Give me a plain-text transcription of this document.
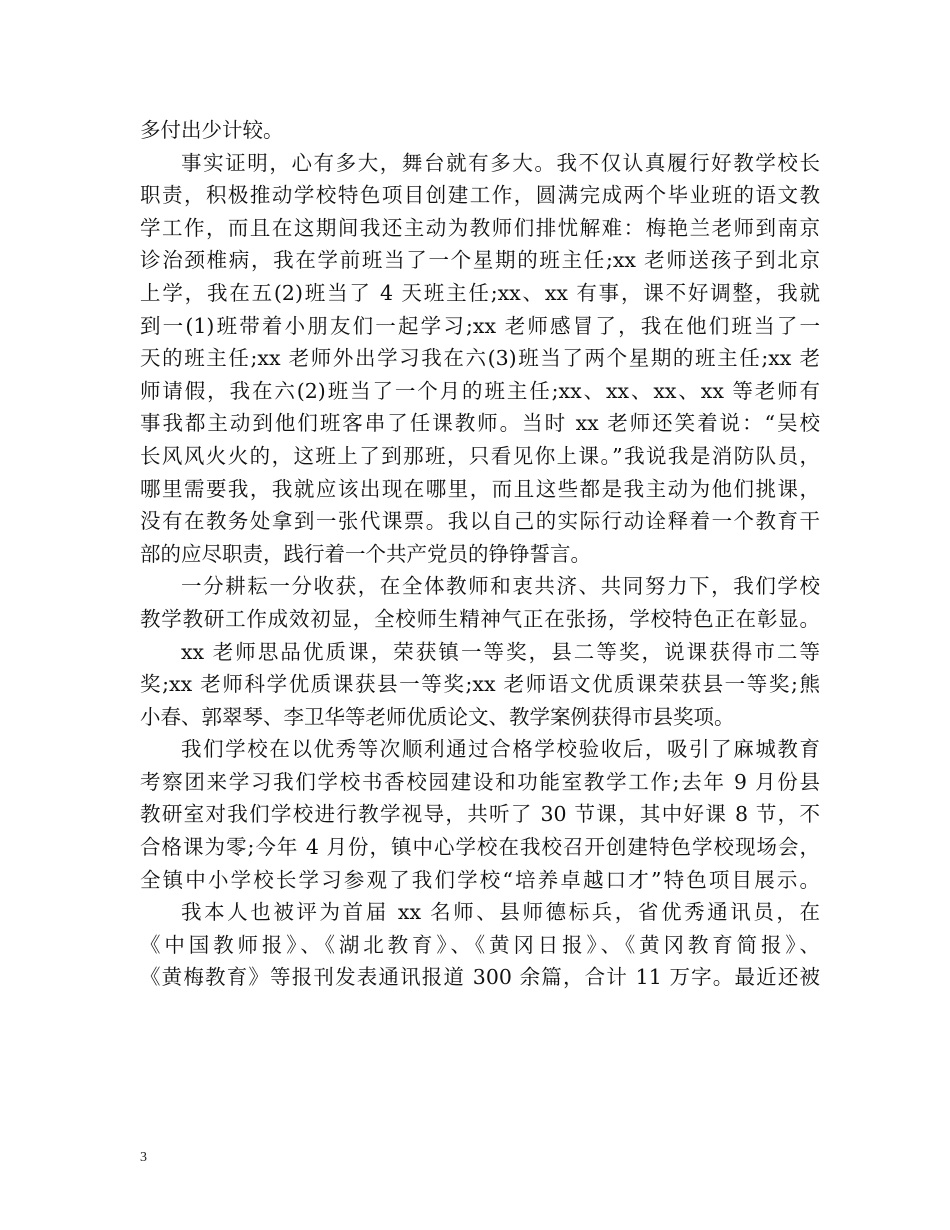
多付出少计较。
事实证明，心有多大，舞台就有多大。我不仅认真履行好教学校长
职责，积极推动学校特色项目创建工作，圆满完成两个毕业班的语文教
学工作，而且在这期间我还主动为教师们排忧解难：梅艳兰老师到南京
诊治颈椎病，我在学前班当了一个星期的班主任;xx 老师送孩子到北京
上学，我在五(2)班当了 4 天班主任;xx、xx 有事，课不好调整，我就
到一(1)班带着小朋友们一起学习;xx 老师感冒了，我在他们班当了一
天的班主任;xx 老师外出学习我在六(3)班当了两个星期的班主任;xx 老
师请假，我在六(2)班当了一个月的班主任;xx、xx、xx、xx 等老师有
事我都主动到他们班客串了任课教师。当时 xx 老师还笑着说：“吴校
长风风火火的，这班上了到那班，只看见你上课。”我说我是消防队员，
哪里需要我，我就应该出现在哪里，而且这些都是我主动为他们挑课，
没有在教务处拿到一张代课票。我以自己的实际行动诠释着一个教育干
部的应尽职责，践行着一个共产党员的铮铮誓言。
一分耕耘一分收获，在全体教师和衷共济、共同努力下，我们学校
教学教研工作成效初显，全校师生精神气正在张扬，学校特色正在彰显。
xx 老师思品优质课，荣获镇一等奖，县二等奖，说课获得市二等
奖;xx 老师科学优质课获县一等奖;xx 老师语文优质课荣获县一等奖;熊
小春、郭翠琴、李卫华等老师优质论文、教学案例获得市县奖项。
我们学校在以优秀等次顺利通过合格学校验收后，吸引了麻城教育
考察团来学习我们学校书香校园建设和功能室教学工作;去年 9 月份县
教研室对我们学校进行教学视导，共听了 30 节课，其中好课 8 节，不
合格课为零;今年 4 月份，镇中心学校在我校召开创建特色学校现场会，
全镇中小学校长学习参观了我们学校“培养卓越口才”特色项目展示。
我本人也被评为首届 xx 名师、县师德标兵，省优秀通讯员，在
《中国教师报》、《湖北教育》、《黄冈日报》、《黄冈教育简报》、
《黄梅教育》等报刊发表通讯报道 300 余篇，合计 11 万字。最近还被
3
